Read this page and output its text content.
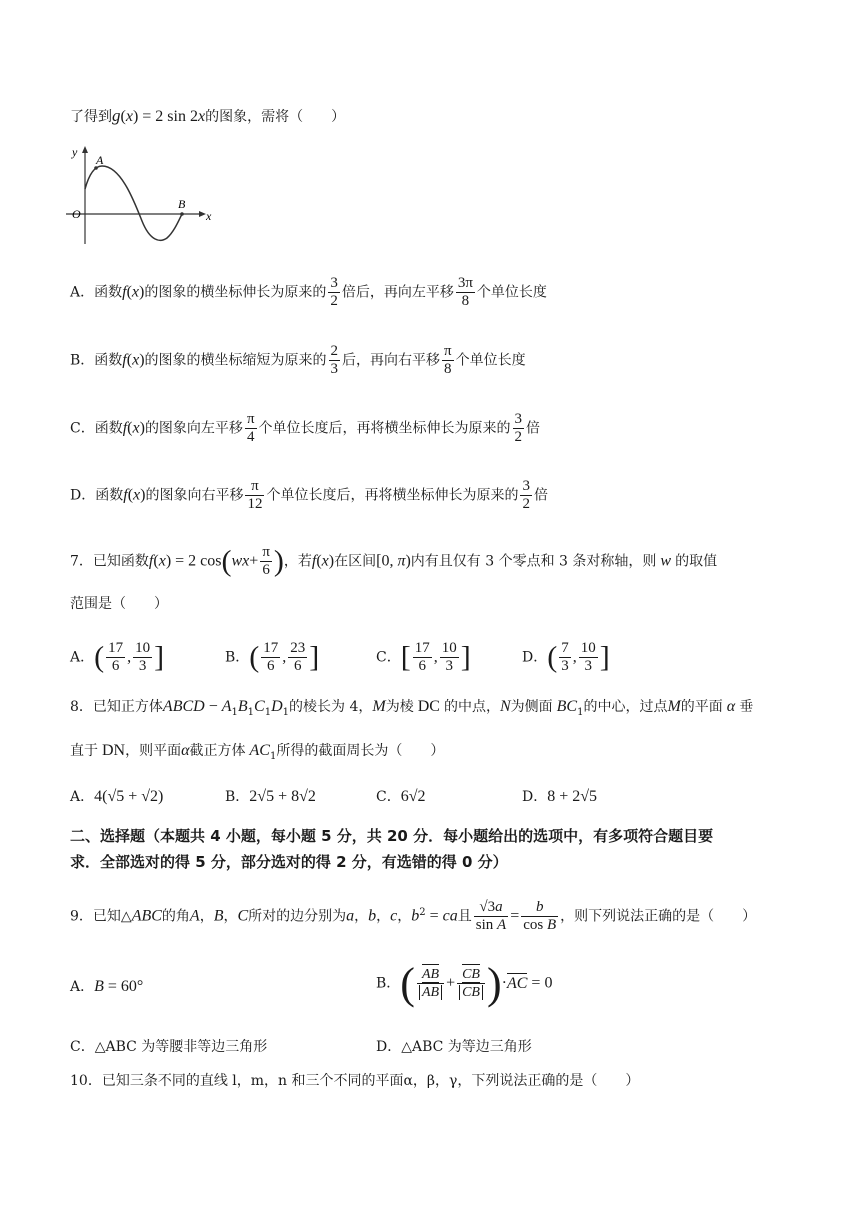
了得到g(x) = 2 sin 2x的图象，需将（　　）
y
x
O
A
B
A．函数f(x)的图象的横坐标伸长为原来的 $\frac{3}{2}$ 倍后，再向左平移 $\frac{3\pi}{8}$ 个单位长度
B．函数f(x)的图象的横坐标缩短为原来的 $\frac{2}{3}$ 后，再向右平移 $\frac{\pi}{8}$ 个单位长度
C．函数f(x)的图象向左平移 $\frac{\pi}{4}$ 个单位长度后，再将横坐标伸长为原来的 $\frac{3}{2}$ 倍
D．函数f(x)的图象向右平移 $\frac{\pi}{12}$ 个单位长度后，再将横坐标伸长为原来的 $\frac{3}{2}$ 倍
7．已知函数f(x) = 2 $\cos(wx+ \frac{\pi}{6}$ )，若f(x)在区间[0, π)内有且仅有 3 个零点和 3 条对称轴，则 w 的取值
范围是（　　）
A．( $\frac{17}{6}$ , $\frac{10}{3}$ ]	B．( $\frac{17}{6}$ , $\frac{23}{6}$ ]	C．[ $\frac{17}{6}$ , $\frac{10}{3}$ ]	D．( $\frac{7}{3}$ , $\frac{10}{3}$ ]
8．已知正方体ABCD − $A_1B_1C_1D_1$的棱长为 4，M为棱 DC 的中点，N为侧面 $BC_1$的中心，过点M的平面 α 垂
直于 DN，则平面α截正方体 $AC_1$所得的截面周长为（　　）
A．4(√5 + √2)	B．2√5 + 8√2	C．6√2	D．8 + 2√5
二、选择题（本题共 4 小题，每小题 5 分，共 20 分．每小题给出的选项中，有多项符合题目要
求．全部选对的得 5 分，部分选对的得 2 分，有选错的得 0 分）
9．已知△ABC的角A，B，C所对的边分别为a，b，c，$b^2$ = ca且 $\frac{√3a}{\text{sin A}} = \frac{b}{\text{cos B}}$ ，则下列说法正确的是（　　）
A．B = 60°	B．( $\frac{AB}{AB} + \frac{CB}{CB} )\cdot AC = 0$
C．△ABC 为等腰非等边三角形	D．△ABC 为等边三角形
10．已知三条不同的直线 l，m，n 和三个不同的平面α，β，γ，下列说法正确的是（　　）
